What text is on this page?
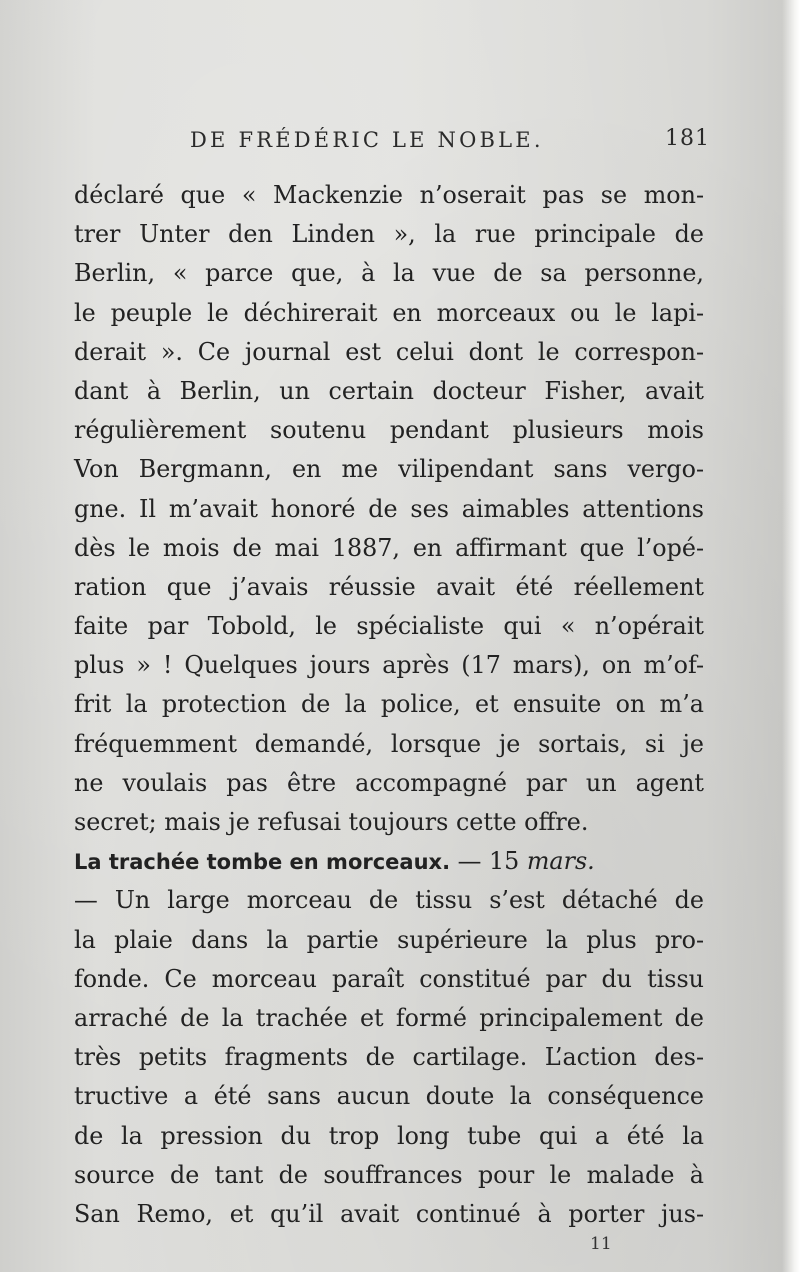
DE FRÉDÉRIC LE NOBLE.	181
déclaré que « Mackenzie n’oserait pas se mon-
trer Unter den Linden », la rue principale de
Berlin, « parce que, à la vue de sa personne,
le peuple le déchirerait en morceaux ou le lapi-
derait ». Ce journal est celui dont le correspon-
dant à Berlin, un certain docteur Fisher, avait
régulièrement soutenu pendant plusieurs mois
Von Bergmann, en me vilipendant sans vergo-
gne. Il m’avait honoré de ses aimables attentions
dès le mois de mai 1887, en affirmant que l’opé-
ration que j’avais réussie avait été réellement
faite par Tobold, le spécialiste qui « n’opérait
plus » ! Quelques jours après (17 mars), on m’of-
frit la protection de la police, et ensuite on m’a
fréquemment demandé, lorsque je sortais, si je
ne voulais pas être accompagné par un agent
secret; mais je refusai toujours cette offre.
La trachée tombe en morceaux. — 15 mars.
— Un large morceau de tissu s’est détaché de
la plaie dans la partie supérieure la plus pro-
fonde. Ce morceau paraît constitué par du tissu
arraché de la trachée et formé principalement de
très petits fragments de cartilage. L’action des-
tructive a été sans aucun doute la conséquence
de la pression du trop long tube qui a été la
source de tant de souffrances pour le malade à
San Remo, et qu’il avait continué à porter jus-
11
